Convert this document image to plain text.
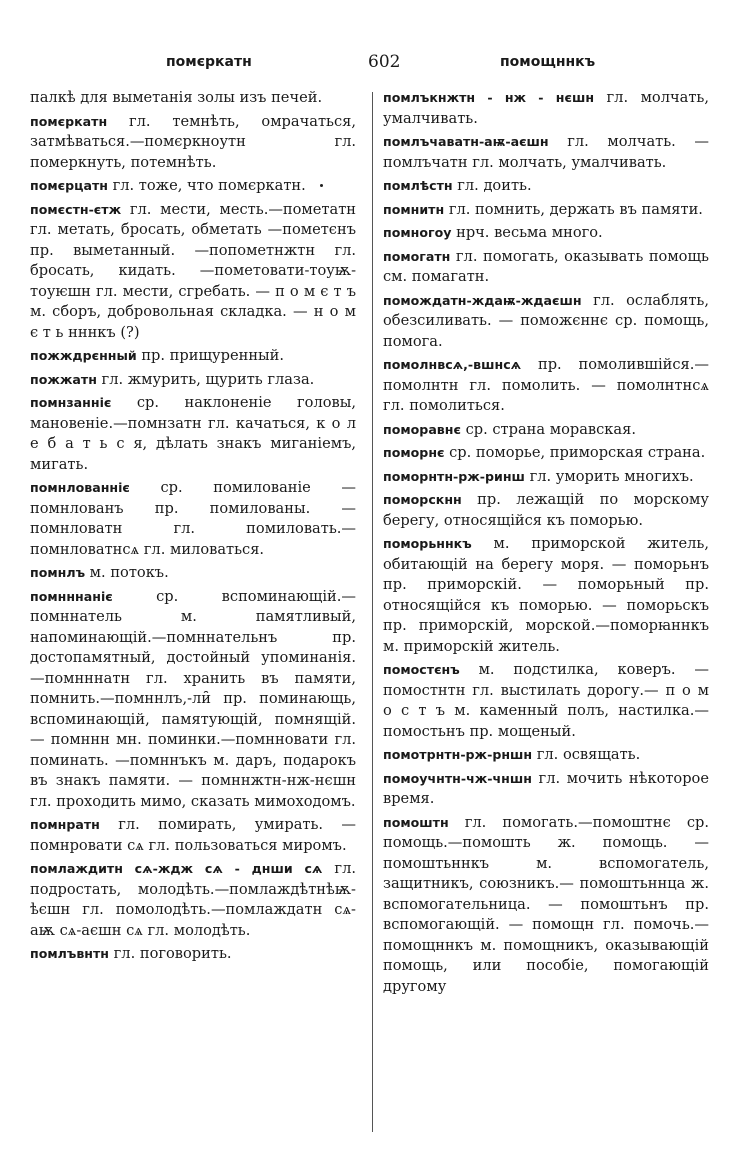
помєркатн	602	помощннкъ

палкѣ для выметанія золы изъ печей.

помєркатн гл. темнѣть, омрачаться, затмѣваться.—помєркноутн гл. померкнуть, потемнѣть.

помєрцатн гл. тоже, что помєркатн.

помєстн-єтж гл. мести, месть.—пометатн гл. метать, бросать, обметать —пометєнъ пр. выметанный. —попометнжтн гл. бросать, кидать. —пометовати-тоуѭ-тоуѥшн гл. мести, сгребать. — п о м є т ъ м. сборъ, добровольная складка. — н о м є т ь нннкъ (?)

пожждрєнный пр. прищуренный.

пожжатн гл. жмурить, щурить глаза.

помнзанніє ср. наклоненіе головы, мановеніе.—помнзатн гл. качаться, к о л е б а т ь с я, дѣлать знакъ миганіемъ, мигать.

помнлованніє ср. помилованіе — помнлованъ пр. помилованы. — помнловатн гл. помиловать.—помнловатнсѧ гл. миловаться.

помнлъ м. потокъ.

помнннаніє ср. вспоминающій.—помннатель м. памятливый, напоминающій.—помннательнъ пр. достопамятный, достойный упоминанія. —помнннатн гл. хранить въ памяти, помнить.—помннлъ,-ли̑ пр. поминающь, вспоминающій, памятующій, помнящій. — помннн мн. поминки.—помнновати гл. поминать. —помннъкъ м. даръ, подарокъ въ знакъ памяти. — помннжтн-нж-нєшн гл. проходить мимо, сказать мимоходомъ.

помнратн гл. помирать, умирать. — помнровати сѧ гл. пользоваться миромъ.

помлаждитн сѧ-ждж сѧ - днши сѧ гл. подростать, молодѣть.—помлаждѣтнѣѭ-ѣєшн гл. помолодѣть.—помлаждатн сѧ-аѭ сѧ-аєшн сѧ гл. молодѣть.

помлъвнтн гл. поговорить.

помлъкнжтн - нж - нєшн гл. молчать, умалчивать.

помлъчаватн-аѭ-аєшн гл. молчать. —помлъчатн гл. молчать, умалчивать.

помлѣстн гл. доить.

помнитн гл. помнить, держать въ памяти.

помногоу нрч. весьма много.

помогатн гл. помогать, оказывать помощь см. помагатн.

помождатн-ждаѭ-ждаєшн гл. ослаблять, обезсиливать. — поможєннє ср. помощь, помога.

помолнвсѧ,-вшнсѧ пр. помолившійся.—помолнтн гл. помолить. — помолнтнсѧ гл. помолиться.

поморавнє ср. страна моравская.

поморнє ср. поморье, приморская страна.

поморнтн-рж-ринш гл. уморить многихъ.

поморскнн пр. лежащій по морскому берегу, относящійся къ поморью.

поморьннкъ м. приморской житель, обитающій на берегу моря. — поморьнъ пр. приморскій. — поморьный пр. относящійся къ поморью. — поморьскъ пр. приморскій, морской.—поморꙗннкъ м. приморскій житель.

помостєнъ м. подстилка, коверъ. — помостнтн гл. выстилать дорогу.— п о м о с т ъ м. каменный полъ, настилка.— помостьнъ пр. мощеный.

помотрнтн-рж-рншн гл. освящать.

помоучнтн-чж-чншн гл. мочить нѣкоторое время.

помоштн гл. помогать.—помоштнє ср. помощь.—помошть ж. помощь. — помоштьннкъ м. вспомогатель, защитникъ, союзникъ.— помоштьннца ж. вспомогательница. — помоштьнъ пр. вспомогающій. — помощн гл. помочь.— помощннкъ м. помощникъ, оказывающій помощь, или пособіе, помогающій другому
